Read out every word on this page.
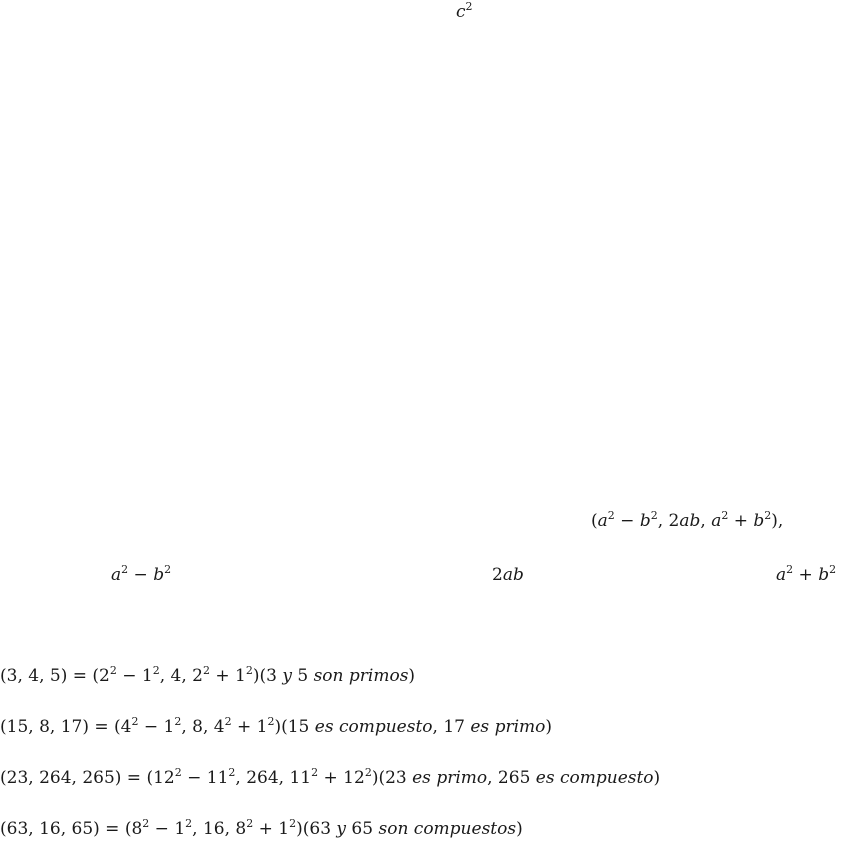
$c^2$
($a^2 - b^2$, 2ab, $a^2 + b^2$),
$a^2 - b^2$	2ab	$a^2 + b^2$
(3, 4, $5) = (2^2 - 1^2$, 4, $2^2 + 1^2)(3$ y 5 son primos)
(15, 8, $17) = (4^2 - 1^2$, 8, $4^2 + 1^2)(15$ es compuesto, 17 es primo)
(23, 264, $265) = (12^2 - 11^2$, 264, $11^2 + 12^2)(23$ es primo, 265 es compuesto)
(63, 16, $65) = (8^2 - 1^2$, 16, $8^2 + 1^2)(63$ y 65 son compuestos)
